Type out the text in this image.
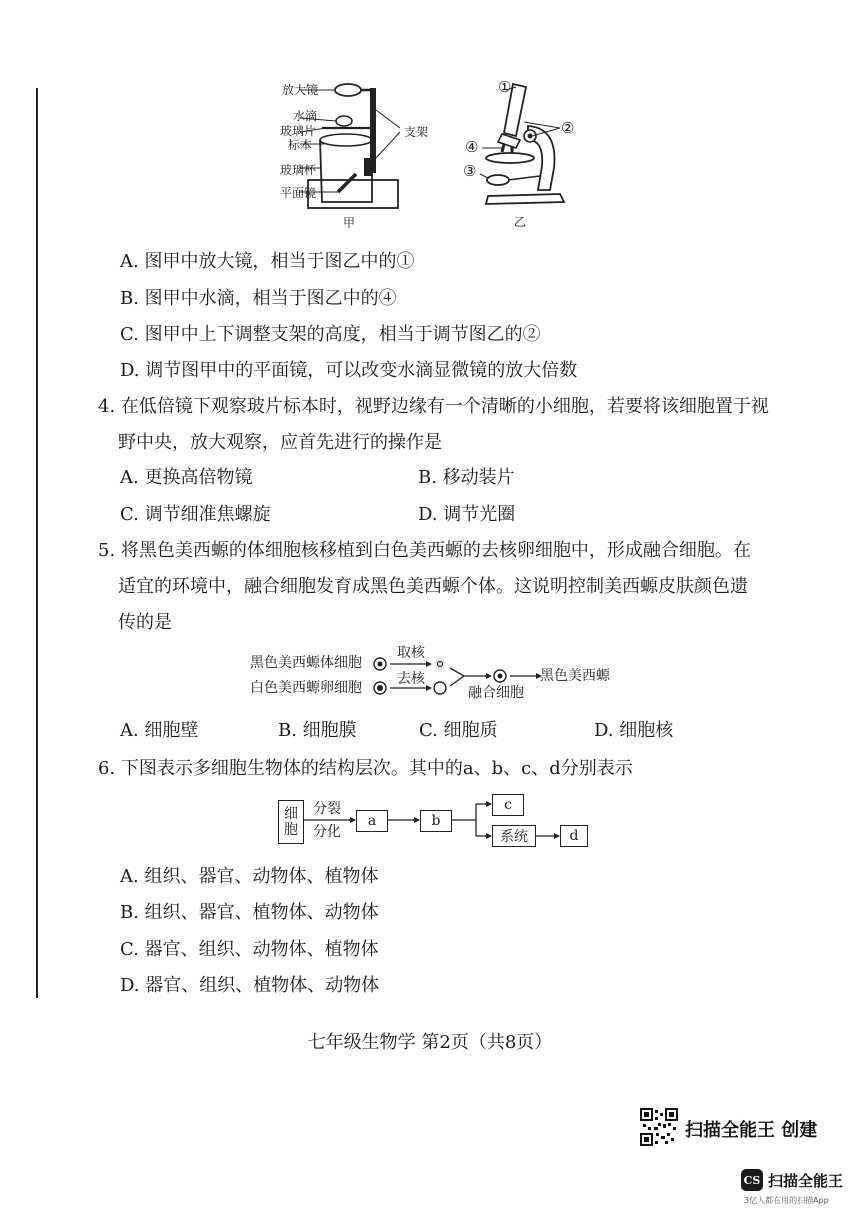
放大镜
水滴
玻璃片
标本
玻璃杯
平面镜
支架
甲
①
②
③
④
乙
A. 图甲中放大镜，相当于图乙中的①
B. 图甲中水滴，相当于图乙中的④
C. 图甲中上下调整支架的高度，相当于调节图乙的②
D. 调节图甲中的平面镜，可以改变水滴显微镜的放大倍数
4. 在低倍镜下观察玻片标本时，视野边缘有一个清晰的小细胞，若要将该细胞置于视
野中央，放大观察，应首先进行的操作是
A. 更换高倍物镜	B. 移动装片
C. 调节细准焦螺旋	D. 调节光圈
5. 将黑色美西螈的体细胞核移植到白色美西螈的去核卵细胞中，形成融合细胞。在
适宜的环境中，融合细胞发育成黑色美西螈个体。这说明控制美西螈皮肤颜色遗
传的是
黑色美西螈体细胞
白色美西螈卵细胞
取核
去核
融合细胞
黑色美西螈
A. 细胞壁	B. 细胞膜	C. 细胞质	D. 细胞核
6. 下图表示多细胞生物体的结构层次。其中的a、b、c、d分别表示
细
胞
分裂
分化
a	b
c
系统	d
A. 组织、器官、动物体、植物体
B. 组织、器官、植物体、动物体
C. 器官、组织、动物体、植物体
D. 器官、组织、植物体、动物体
七年级生物学 第2页（共8页）
扫描全能王 创建
CS 扫描全能王
3亿人都在用的扫描App
